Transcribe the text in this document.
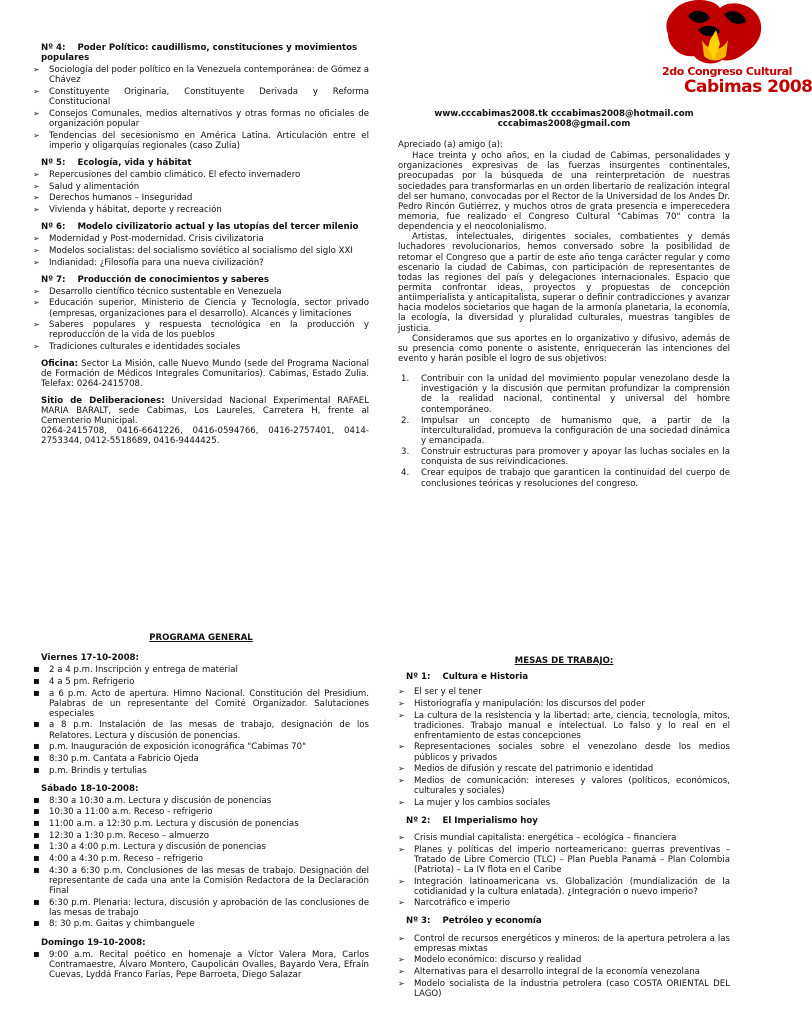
2do Congreso Cultural
Cabimas 2008
Nº 4: Poder Político: caudillismo, constituciones y movimientos populares
➢ Sociología del poder político en la Venezuela contemporánea: de Gómez a Chávez
➢ Constituyente Originaria, Constituyente Derivada y Reforma Constitucional
➢ Consejos Comunales, medios alternativos y otras formas no oficiales de organización popular
➢ Tendencias del secesionismo en América Latina. Articulación entre el imperio y oligarquías regionales (caso Zulia)
Nº 5: Ecología, vida y hábitat
➢ Repercusiones del cambio climático. El efecto invernadero
➢ Salud y alimentación
➢ Derechos humanos – Inseguridad
➢ Vivienda y hábitat, deporte y recreación
Nº 6: Modelo civilizatorio actual y las utopías del tercer milenio
➢ Modernidad y Post-modernidad. Crisis civilizatoria
➢ Modelos socialistas: del socialismo soviético al socialismo del siglo XXI
➢ Indianidad: ¿Filosofía para una nueva civilización?
Nº 7: Producción de conocimientos y saberes
➢ Desarrollo científico técnico sustentable en Venezuela
➢ Educación superior, Ministerio de Ciencia y Tecnología, sector privado (empresas, organizaciones para el desarrollo). Alcances y limitaciones
➢ Saberes populares y respuesta tecnológica en la producción y reproducción de la vida de los pueblos
➢ Tradiciones culturales e identidades sociales

Oficina: Sector La Misión, calle Nuevo Mundo (sede del Programa Nacional de Formación de Médicos Integrales Comunitarios). Cabimas, Estado Zulia. Telefax: 0264-2415708.

Sitio de Deliberaciones: Universidad Nacional Experimental RAFAEL MARIA BARALT, sede Cabimas, Los Laureles, Carretera H, frente al Cementerio Municipal.

0264-2415708, 0416-6641226, 0416-0594766, 0416-2757401, 0414-2753344, 0412-5518689, 0416-9444425.

www.cccabimas2008.tk cccabimas2008@hotmail.com
cccabimas2008@gmail.com

Apreciado (a) amigo (a):

Hace treinta y ocho años, en la ciudad de Cabimas, personalidades y organizaciones expresivas de las fuerzas insurgentes continentales, preocupadas por la búsqueda de una reinterpretación de nuestras sociedades para transformarlas en un orden libertario de realización integral del ser humano, convocadas por el Rector de la Universidad de los Andes Dr. Pedro Rincón Gutiérrez, y muchos otros de grata presencia e imperecedera memoria, fue realizado el Congreso Cultural "Cabimas 70" contra la dependencia y el neocolonialismo.

Artistas, intelectuales, dirigentes sociales, combatientes y demás luchadores revolucionarios, hemos conversado sobre la posibilidad de retomar el Congreso que a partir de este año tenga carácter regular y como escenario la ciudad de Cabimas, con participación de representantes de todas las regiones del país y delegaciones internacionales. Espacio que permita confrontar ideas, proyectos y propuestas de concepción antiimperialista y anticapitalista, superar o definir contradicciones y avanzar hacia modelos societarios que hagan de la armonía planetaria, la economía, la ecología, la diversidad y pluralidad culturales, muestras tangibles de justicia.

Consideramos que sus aportes en lo organizativo y difusivo, además de su presencia como ponente o asistente, enriquecerán las intenciones del evento y harán posible el logro de sus objetivos:

1. Contribuir con la unidad del movimiento popular venezolano desde la investigación y la discusión que permitan profundizar la comprensión de la realidad nacional, continental y universal del hombre contemporáneo.
2. Impulsar un concepto de humanismo que, a partir de la interculturalidad, promueva la configuración de una sociedad dinámica y emancipada.
3. Construir estructuras para promover y apoyar las luchas sociales en la conquista de sus reivindicaciones.
4. Crear equipos de trabajo que garanticen la continuidad del cuerpo de conclusiones teóricas y resoluciones del congreso.
PROGRAMA GENERAL
Viernes 17-10-2008:
▪ 2 a 4 p.m. Inscripción y entrega de material
▪ 4 a 5 pm. Refrigerio
▪ a 6 p.m. Acto de apertura. Himno Nacional. Constitución del Presidium. Palabras de un representante del Comité Organizador. Salutaciones especiales
▪ a 8 p.m. Instalación de las mesas de trabajo, designación de los Relatores. Lectura y discusión de ponencias.
▪ p.m. Inauguración de exposición iconográfica "Cabimas 70"
▪ 8:30 p.m. Cantata a Fabricio Ojeda
▪ p.m. Brindis y tertulias
Sábado 18-10-2008:
▪ 8:30 a 10:30 a.m. Lectura y discusión de ponencias
▪ 10:30 a 11:00 a.m. Receso - refrigerio
▪ 11:00 a.m. a 12:30 p.m. Lectura y discusión de ponencias
▪ 12:30 a 1:30 p.m. Receso – almuerzo
▪ 1:30 a 4:00 p.m. Lectura y discusión de ponencias
▪ 4:00 a 4:30 p.m. Receso – refrigerio
▪ 4:30 a 6:30 p.m. Conclusiones de las mesas de trabajo. Designación del representante de cada una ante la Comisión Redactora de la Declaración Final
▪ 6:30 p.m. Plenaria: lectura, discusión y aprobación de las conclusiones de las mesas de trabajo
▪ 8: 30 p.m. Gaitas y chimbanguele
Domingo 19-10-2008:
▪ 9:00 a.m. Recital poético en homenaje a Víctor Valera Mora, Carlos Contramaestre, Álvaro Montero, Caupolicán Ovalles, Bayardo Vera, Efraín Cuevas, Lyddá Franco Farías, Pepe Barroeta, Diego Salazar
MESAS DE TRABAJO:
Nº 1: Cultura e Historia
➢ El ser y el tener
➢ Historiografía y manipulación: los discursos del poder
➢ La cultura de la resistencia y la libertad: arte, ciencia, tecnología, mitos, tradiciones. Trabajo manual e intelectual. Lo falso y lo real en el enfrentamiento de estas concepciones
➢ Representaciones sociales sobre el venezolano desde los medios públicos y privados
➢ Medios de difusión y rescate del patrimonio e identidad
➢ Medios de comunicación: intereses y valores (políticos, económicos, culturales y sociales)
➢ La mujer y los cambios sociales
Nº 2: El Imperialismo hoy
➢ Crisis mundial capitalista: energética – ecológica – financiera
➢ Planes y políticas del imperio norteamericano: guerras preventivas – Tratado de Libre Comercio (TLC) – Plan Puebla Panamá – Plan Colombia (Patriota) – La IV flota en el Caribe
➢ Integración latinoamericana vs. Globalización (mundialización de la cotidianidad y la cultura enlatada). ¿Integración o nuevo imperio?
➢ Narcotráfico e imperio
Nº 3: Petróleo y economía
➢ Control de recursos energéticos y mineros: de la apertura petrolera a las empresas mixtas
➢ Modelo económico: discurso y realidad
➢ Alternativas para el desarrollo integral de la economía venezolana
➢ Modelo socialista de la industria petrolera (caso COSTA ORIENTAL DEL LAGO)
